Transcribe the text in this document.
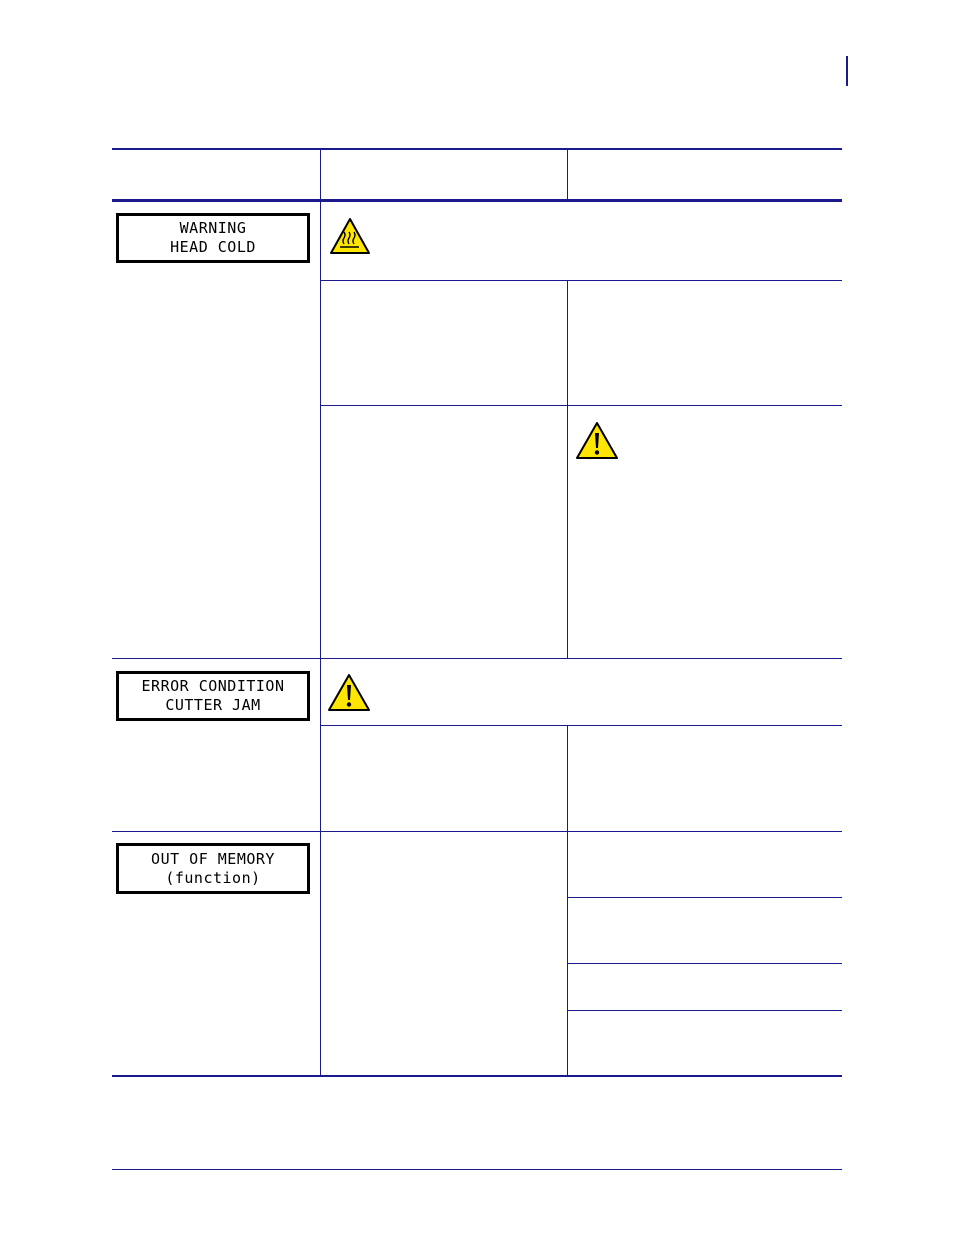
WARNING
HEAD COLD
ERROR CONDITION
CUTTER JAM
OUT OF MEMORY
(function)
